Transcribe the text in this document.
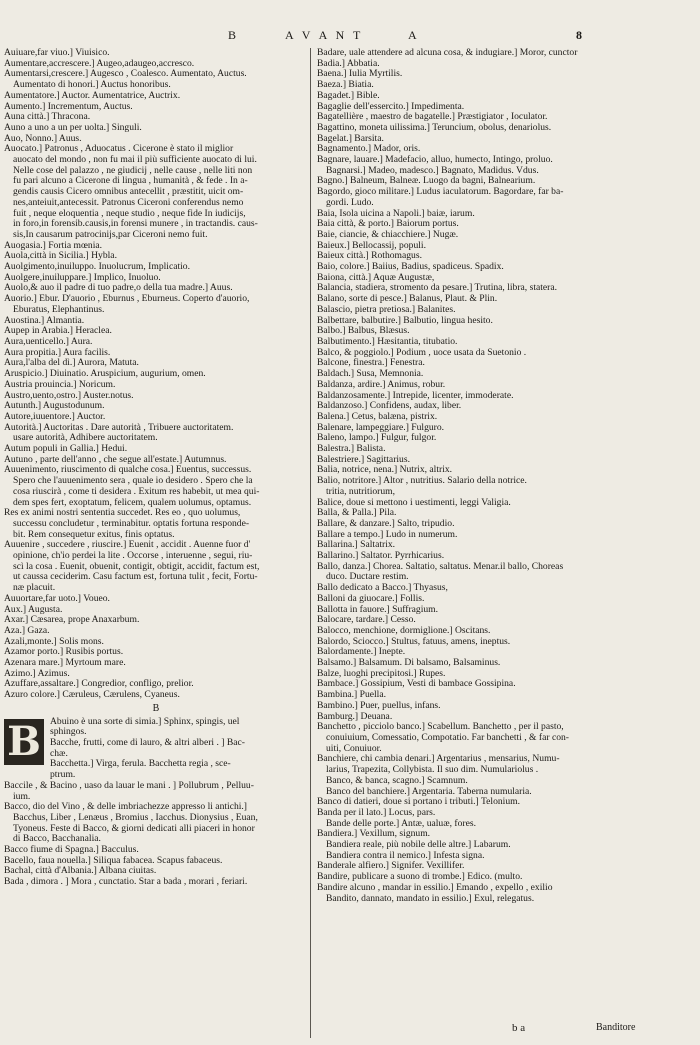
B	A V A N T	A	8
Auiuare,far viuo.] Viuisico.
Aumentare,accrescere.] Augeo,adaugeo,accresco.
Aumentarsi,crescere.] Augesco , Coalesco. Aumentato, Auctus.
Aumentato di honori.] Auctus honoribus.
Aumentatore.] Auctor. Aumentatrice, Auctrix.
Aumento.] Incrementum, Auctus.
Auna città.] Thracona.
Auno a uno a un per uolta.] Singuli.
Auo, Nonno.] Auus.
Auocato.] Patronus , Aduocatus . Cicerone è stato il miglior
auocato del mondo , non fu mai il più sufficiente auocato di lui.
Nelle cose del palazzo , ne giudicij , nelle cause , nelle liti non
fu pari alcuno a Cicerone di lingua , humanità , & fede . In a-
gendis causis Cicero omnibus antecellit , præstitit, uicit om-
nes,anteiuit,antecessit. Patronus Ciceroni conferendus nemo
fuit , neque eloquentia , neque studio , neque fide In iudicijs,
in foro,in forensib.causis,in forensi munere , in tractandis. caus-
sis,In causarum patrocinijs,par Ciceroni nemo fuit.
Auogasia.] Fortia mœnia.
Auola,città in Sicilia.] Hybla.
Auolgimento,inuiluppo. Inuolucrum, Implicatio.
Auolgere,inuiluppare.] Implico, Inuoluo.
Auolo,& auo il padre di tuo padre,o della tua madre.] Auus.
Auorio.] Ebur. D'auorio , Eburnus , Eburneus. Coperto d'auorio,
Eburatus, Elephantinus.
Auostina.] Almantia.
Aupep in Arabia.] Heraclea.
Aura,uenticello.] Aura.
Aura propitia.] Aura facilis.
Aura,l'alba del dì.] Aurora, Matuta.
Aruspicio.] Diuinatio. Aruspicium, augurium, omen.
Austria prouincia.] Noricum.
Austro,uento,ostro.] Auster.notus.
Autunth.] Augustodunum.
Autore,iuuentore.] Auctor.
Autorità.] Auctoritas . Dare autorità , Tribuere auctoritatem.
usare autorità, Adhibere auctoritatem.
Autum populi in Gallia.] Hedui.
Autuno , parte dell'anno , che segue all'estate.] Autumnus.
Auuenimento, riuscimento di qualche cosa.] Euentus, successus.
Spero che l'auuenimento sera , quale io desidero . Spero che la
cosa riuscirà , come ti desidera . Exitum res habebit, ut mea qui-
dem spes fert, exoptatum, felicem, qualem uolumus, optamus.
Res ex animi nostri sententia succedet. Res eo , quo uolumus,
successu concludetur , terminabitur. optatis fortuna responde-
bit. Rem consequetur exitus, finis optatus.
Auuenire , succedere , riuscire.] Euenit , accidit . Auenne fuor d'
opinione, ch'io perdei la lite . Occorse , interuenne , segui, riu-
scì la cosa . Euenit, obuenit, contigit, obtigit, accidit, factum est,
ut caussa ceciderim. Casu factum est, fortuna tulit , fecit, Fortu-
næ placuit.
Auuortare,far uoto.] Voueo.
Aux.] Augusta.
Axar.] Cæsarea, prope Anaxarbum.
Aza.] Gaza.
Azali,monte.] Solis mons.
Azamor porto.] Rusibis portus.
Azenara mare.] Myrtoum mare.
Azimo.] Azimus.
Azuffare,assaltare.] Congredior, confligo, prelior.
Azuro colore.] Cæruleus, Cærulens, Cyaneus.
B
B Abuino è una sorte di simia.] Sphinx, spingis, uel
sphingos.
Bacche, frutti, come di lauro, & altri alberi . ] Bac-
chæ.
Bacchetta.] Virga, ferula. Bacchetta regia , scе-
ptrum.
Baccile , & Bacino , uaso da lauar le mani . ] Pollubrum , Pelluu-
ium.
Bacco, dio del Vino , & delle imbriachezze appresso li antichi.]
Bacchus, Liber , Lenæus , Bromius , Iacchus. Dionysius , Euan,
Tyoneus. Feste di Bacco, & giorni dedicati alli piaceri in honor
di Bacco, Bacchanalia.
Bacco fiume di Spagna.] Bacculus.
Bacello, faua nouella.] Siliqua fabacea. Scapus fabaceus.
Bachal, città d'Albania.] Albana ciuitas.
Bada , dimora . ] Mora , cunctatio. Star a bada , morari , feriari.
Badare, uale attendere ad alcuna cosa, & indugiare.] Moror, cunctor
Badia.] Abbatia.
Baena.] Iulia Myrtilis.
Baeza.] Biatia.
Bagadet.] Bible.
Bagaglie dell'essercito.] Impedimenta.
Bagatellière , maestro de bagatelle.] Præstigiator , Ioculator.
Bagattino, moneta uilissima.] Teruncium, obolus, denariolus.
Bagelat.] Barsita.
Bagnamento.] Mador, oris.
Bagnare, lauare.] Madefacio, alluo, humecto, Intingo, proluo.
Bagnarsi.] Madeo, madesco.] Bagnato, Madidus. Vdus.
Bagno.] Balneum, Balneæ. Luogo da bagni, Balnearium.
Bagordo, gioco militare.] Ludus iaculatorum. Bagordare, far ba-
gordi. Ludo.
Baia, Isola uicina a Napoli.] baiæ, iarum.
Baia città, & porto.] Baiorum portus.
Baie, ciancie, & chiacchiere.] Nugæ.
Baieux.] Bellocassij, populi.
Baieux città.] Rothomagus.
Baio, colore.] Baiius, Badius, spadiceus. Spadix.
Baiona, città.] Aquæ Augustæ,
Balancia, stadiera, stromento da pesare.] Trutina, libra, statera.
Balano, sorte di pesce.] Balanus, Plaut. & Plin.
Balascio, pietra pretiosa.] Balanites.
Balbettare, balbutire.] Balbutio, lingua hesito.
Balbo.] Balbus, Blæsus.
Balbutimento.] Hæsitantia, titubatio.
Balco, & poggiolo.] Podium , uoce usata da Suetonio .
Balcone, finestra.] Fenestra.
Baldach.] Susa, Memnonia.
Baldanza, ardire.] Animus, robur.
Baldanzosamente.] Intrepide, licenter, immoderate.
Baldanzoso.] Confidens, audax, liber.
Balena.] Cetus, balæna, pistrix.
Balenare, lampeggiare.] Fulguro.
Baleno, lampo.] Fulgur, fulgor.
Balestra.] Balista.
Balestriere.] Sagittarius.
Balia, notrice, nena.] Nutrix, altrix.
Balio, notritore.] Altor , nutritius. Salario della notrice.
tritia, nutritiorum,
Balice, doue si mettono i uestimenti, leggi Valigia.
Balla, & Palla.] Pila.
Ballare, & danzare.] Salto, tripudio.
Ballare a tempo.] Ludo in numerum.
Ballarina.] Saltatrix.
Ballarino.] Saltator. Pyrrhicarius.
Ballo, danza.] Chorea. Saltatio, saltatus. Menar.il ballo, Choreas
duco. Ductare restim.
Ballo dedicato a Bacco.] Thyasus,
Balloni da giuocare.] Follis.
Ballotta in fauore.] Suffragium.
Balocare, tardare.] Cesso.
Balocco, menchione, dormiglione.] Oscitans.
Balordo, Sciocco.] Stultus, fatuus, amens, ineptus.
Balordamente.] Inepte.
Balsamo.] Balsamum. Di balsamo, Balsaminus.
Balze, luoghi precipitosi.] Rupes.
Bambace.] Gossipium, Vesti di bambace Gossipina.
Bambina.] Puella.
Bambino.] Puer, puellus, infans.
Bamburg.] Deuana.
Banchetto , picciolo banco.] Scabellum. Banchetto , per il pasto,
conuiuium, Comessatio, Compotatio. Far banchetti , & far con-
uiti, Conuiuor.
Banchiere, chi cambia denari.] Argentarius , mensarius, Numu-
larius, Trapezita, Collybista. Il suo dim. Numulariolus .
Banco, & banca, scagno.] Scamnum.
Banco del banchiere.] Argentaria. Taberna numularia.
Banco di datieri, doue si portano i tributi.] Telonium.
Banda per il lato.] Locus, pars.
Bande delle porte.] Antæ, ualuæ, fores.
Bandiera.] Vexillum, signum.
Bandiera reale, più nobile delle altre.] Labarum.
Bandiera contra il nemico.] Infesta signa.
Banderale alfiero.] Signifer. Vexillifer.
Bandire, publicare a suono di trombe.] Edico. (multo.
Bandire alcuno , mandar in essilio.] Emando , expello , exilio
Bandito, dannato, mandato in essilio.] Exul, relegatus.
b a	Banditore
